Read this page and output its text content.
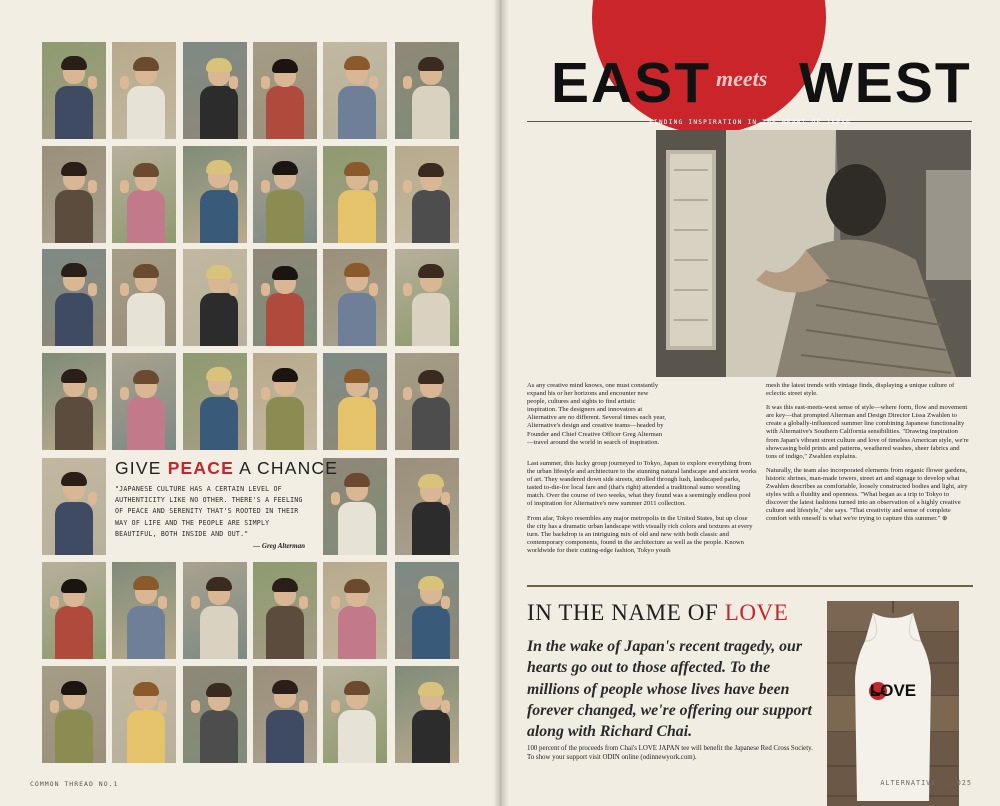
GIVE PEACE A CHANCE
"JAPANESE CULTURE HAS A CERTAIN LEVEL OF AUTHENTICITY LIKE NO OTHER. THERE'S A FEELING OF PEACE AND SERENITY THAT'S ROOTED IN THEIR WAY OF LIFE AND THE PEOPLE ARE SIMPLY BEAUTIFUL, BOTH INSIDE AND OUT."
— Greg Alterman
COMMON THREAD NO.1
EAST meets WEST
FINDING INSPIRATION IN THE HEART OF JAPAN

As any creative mind knows, one must constantly expand his or her horizons and encounter new people, cultures and sights to find artistic inspiration. The designers and innovators at Alternative are no different. Several times each year, Alternative's design and creative teams—headed by Founder and Chief Creative Officer Greg Alterman—travel around the world in search of inspiration.

Last summer, this lucky group journeyed to Tokyo, Japan to explore everything from the urban lifestyle and architecture to the stunning natural landscape and ancient works of art. They wandered down side streets, strolled through lush, landscaped parks, tasted to-die-for local fare and (that's right) attended a traditional sumo wrestling match. Over the course of two weeks, what they found was a seemingly endless pool of inspiration for Alternative's new summer 2011 collection.

From afar, Tokyo resembles any major metropolis in the United States, but up close the city has a dramatic urban landscape with visually rich colors and textures at every turn. The backdrop is an intriguing mix of old and new with both classic and contemporary components, found in the architecture as well as the people. Known worldwide for their cutting-edge fashion, Tokyo youth

mesh the latest trends with vintage finds, displaying a unique culture of eclectic street style.

It was this east-meets-west sense of style—where form, flow and movement are key—that prompted Alterman and Design Director Lissa Zwahlen to create a globally-influenced summer line combining Japanese functionality with Alternative's Southern California sensibilities. "Drawing inspiration from Japan's vibrant street culture and love of timeless American style, we're showcasing bold prints and patterns, weathered washes, sheer fabrics and tons of indigo," Zwahlen explains.

Naturally, the team also incorporated elements from organic flower gardens, historic shrines, man-made towers, street art and signage to develop what Zwahlen describes as comfortable, loosely constructed bodies and light, airy styles with a fluidity and openness. "What began as a trip to Tokyo to discover the latest fashions turned into an observation of a highly creative culture and lifestyle," she says. "That creativity and sense of complete comfort with oneself is what we're trying to capture this summer." ⊕

IN THE NAME OF LOVE
In the wake of Japan's recent tragedy, our hearts go out to those affected. To the millions of people whose lives have been forever changed, we're offering our support along with Richard Chai.
100 percent of the proceeds from Chai's LOVE JAPAN tee will benefit the Japanese Red Cross Society. To show your support visit ODIN online (odinnewyork.com).
LOVE
ALTERNATIVE __ 025
